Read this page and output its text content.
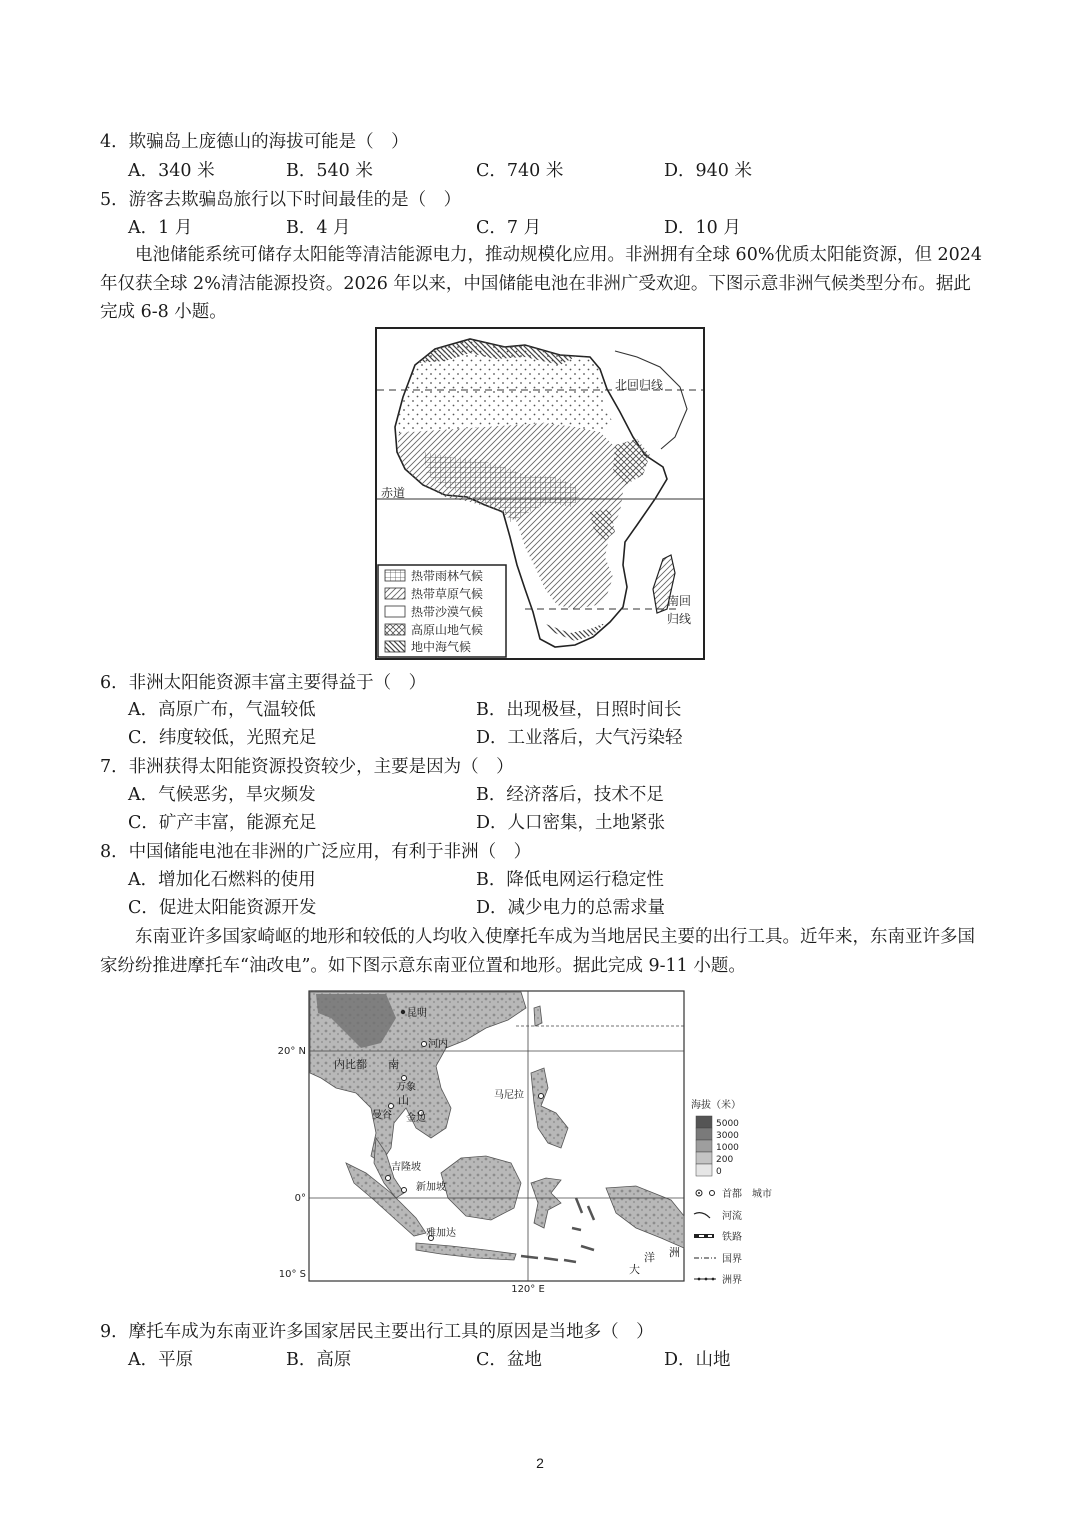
4．欺骗岛上庞德山的海拔可能是（　）
A．340 米	B．540 米	C．740 米	D．940 米
5．游客去欺骗岛旅行以下时间最佳的是（　）
A．1 月	B．4 月	C．7 月	D．10 月
电池储能系统可储存太阳能等清洁能源电力，推动规模化应用。非洲拥有全球 60%优质太阳能资源，但 2024 年仅获全球 2%清洁能源投资。2026 年以来，中国储能电池在非洲广受欢迎。下图示意非洲气候类型分布。据此完成 6-8 小题。
北回归线
赤道
南回
归线
热带雨林气候
热带草原气候
热带沙漠气候
高原山地气候
地中海气候
6．非洲太阳能资源丰富主要得益于（　）
A．高原广布，气温较低	B．出现极昼，日照时间长
C．纬度较低，光照充足	D．工业落后，大气污染轻
7．非洲获得太阳能资源投资较少，主要是因为（　）
A．气候恶劣，旱灾频发	B．经济落后，技术不足
C．矿产丰富，能源充足	D．人口密集，土地紧张
8．中国储能电池在非洲的广泛应用，有利于非洲（　）
A．增加化石燃料的使用	B．降低电网运行稳定性
C．促进太阳能资源开发	D．减少电力的总需求量
东南亚许多国家崎岖的地形和较低的人均收入使摩托车成为当地居民主要的出行工具。近年来，东南亚许多国家纷纷推进摩托车“油改电”。如下图示意东南亚位置和地形。据此完成 9-11 小题。
20° N
0°
10° S
120° E
昆明
河内
内比都 南
万象
山
曼谷 金边
马尼拉
吉隆坡
新加坡
雅加达
洋 洲
大
海拔（米）
5000
3000
1000
200
0
首都 城市
河流
铁路
国界
洲界
9．摩托车成为东南亚许多国家居民主要出行工具的原因是当地多（　）
A．平原	B．高原	C．盆地	D．山地
2
